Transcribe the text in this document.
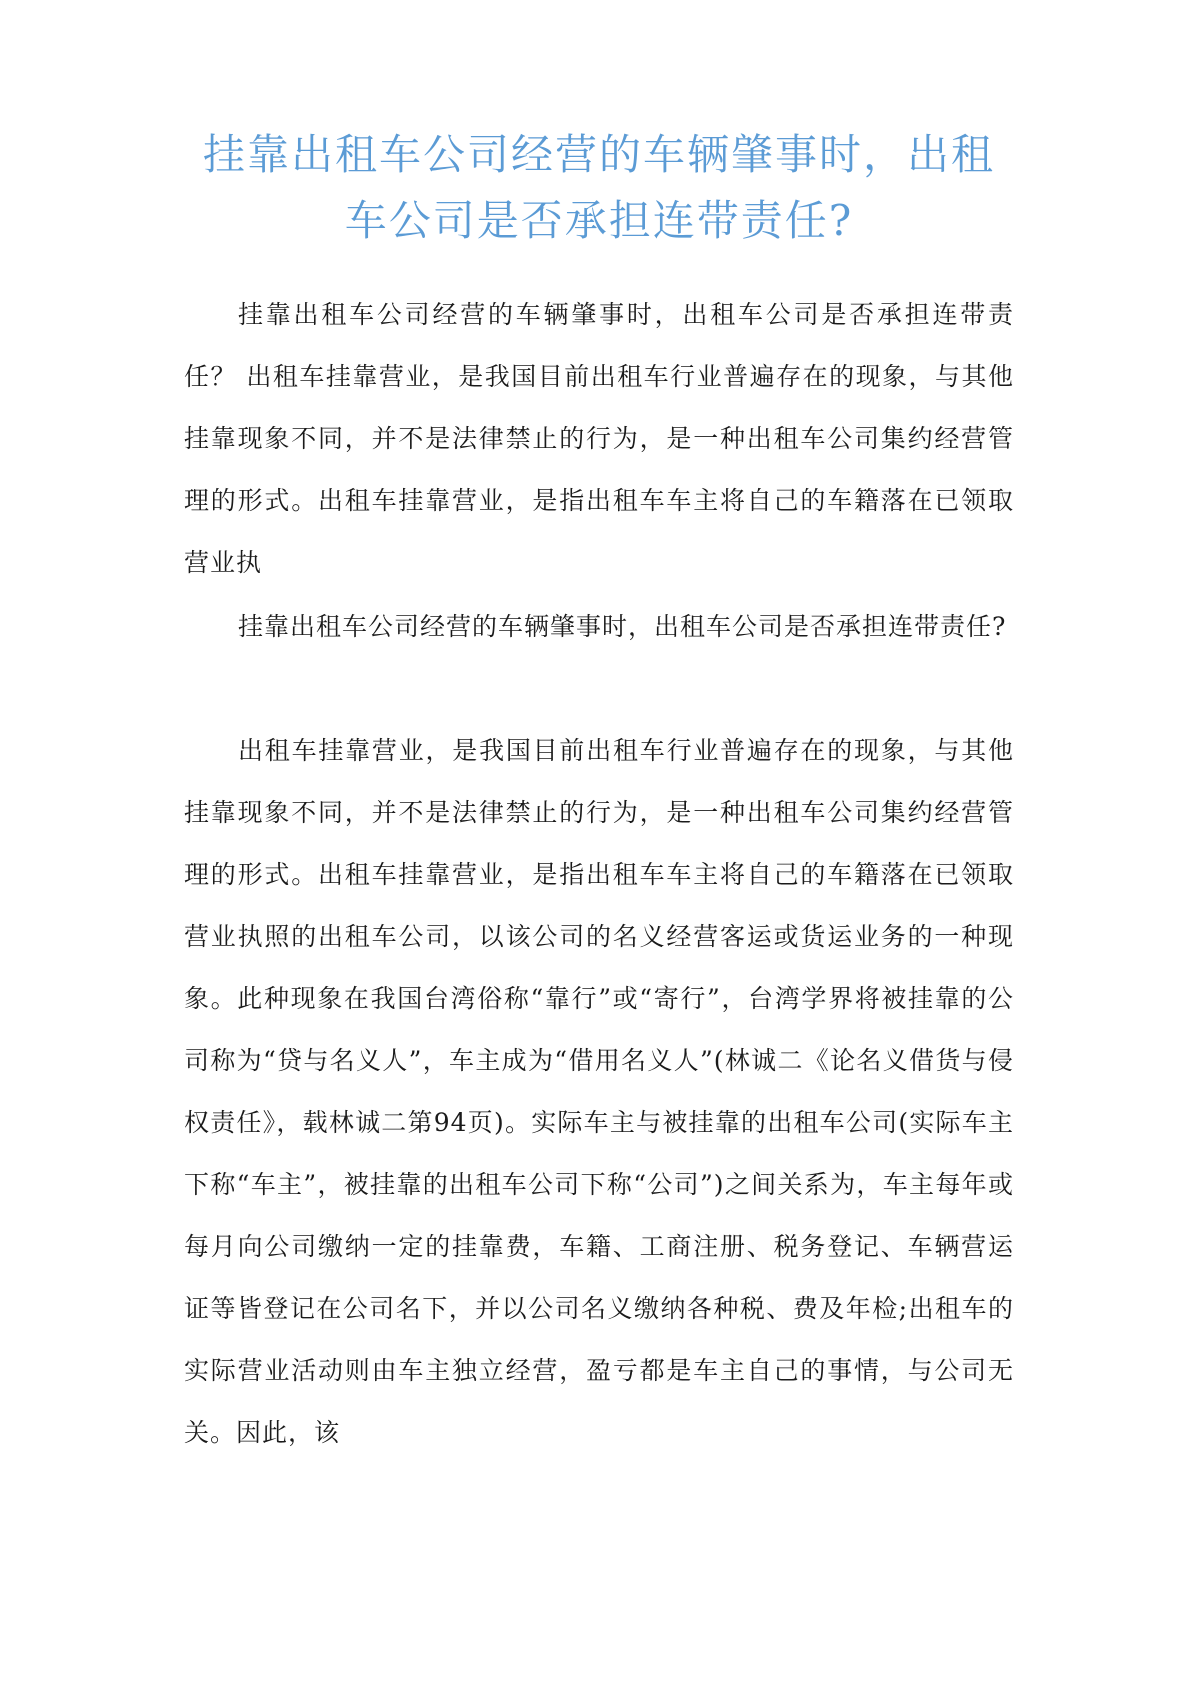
挂靠出租车公司经营的车辆肇事时，出租车公司是否承担连带责任?

挂靠出租车公司经营的车辆肇事时，出租车公司是否承担连带责任？ 出租车挂靠营业，是我国目前出租车行业普遍存在的现象，与其他挂靠现象不同，并不是法律禁止的行为，是一种出租车公司集约经营管理的形式。出租车挂靠营业，是指出租车车主将自己的车籍落在已领取营业执

挂靠出租车公司经营的车辆肇事时，出租车公司是否承担连带责任?

出租车挂靠营业，是我国目前出租车行业普遍存在的现象，与其他挂靠现象不同，并不是法律禁止的行为，是一种出租车公司集约经营管理的形式。出租车挂靠营业，是指出租车车主将自己的车籍落在已领取营业执照的出租车公司，以该公司的名义经营客运或货运业务的一种现象。此种现象在我国台湾俗称“靠行”或“寄行”，台湾学界将被挂靠的公司称为“贷与名义人”，车主成为“借用名义人”(林诚二《论名义借货与侵权责任》，载林诚二第94页)。实际车主与被挂靠的出租车公司(实际车主下称“车主”，被挂靠的出租车公司下称“公司”)之间关系为，车主每年或每月向公司缴纳一定的挂靠费，车籍、工商注册、税务登记、车辆营运证等皆登记在公司名下，并以公司名义缴纳各种税、费及年检;出租车的实际营业活动则由车主独立经营，盈亏都是车主自己的事情，与公司无关。因此，该
